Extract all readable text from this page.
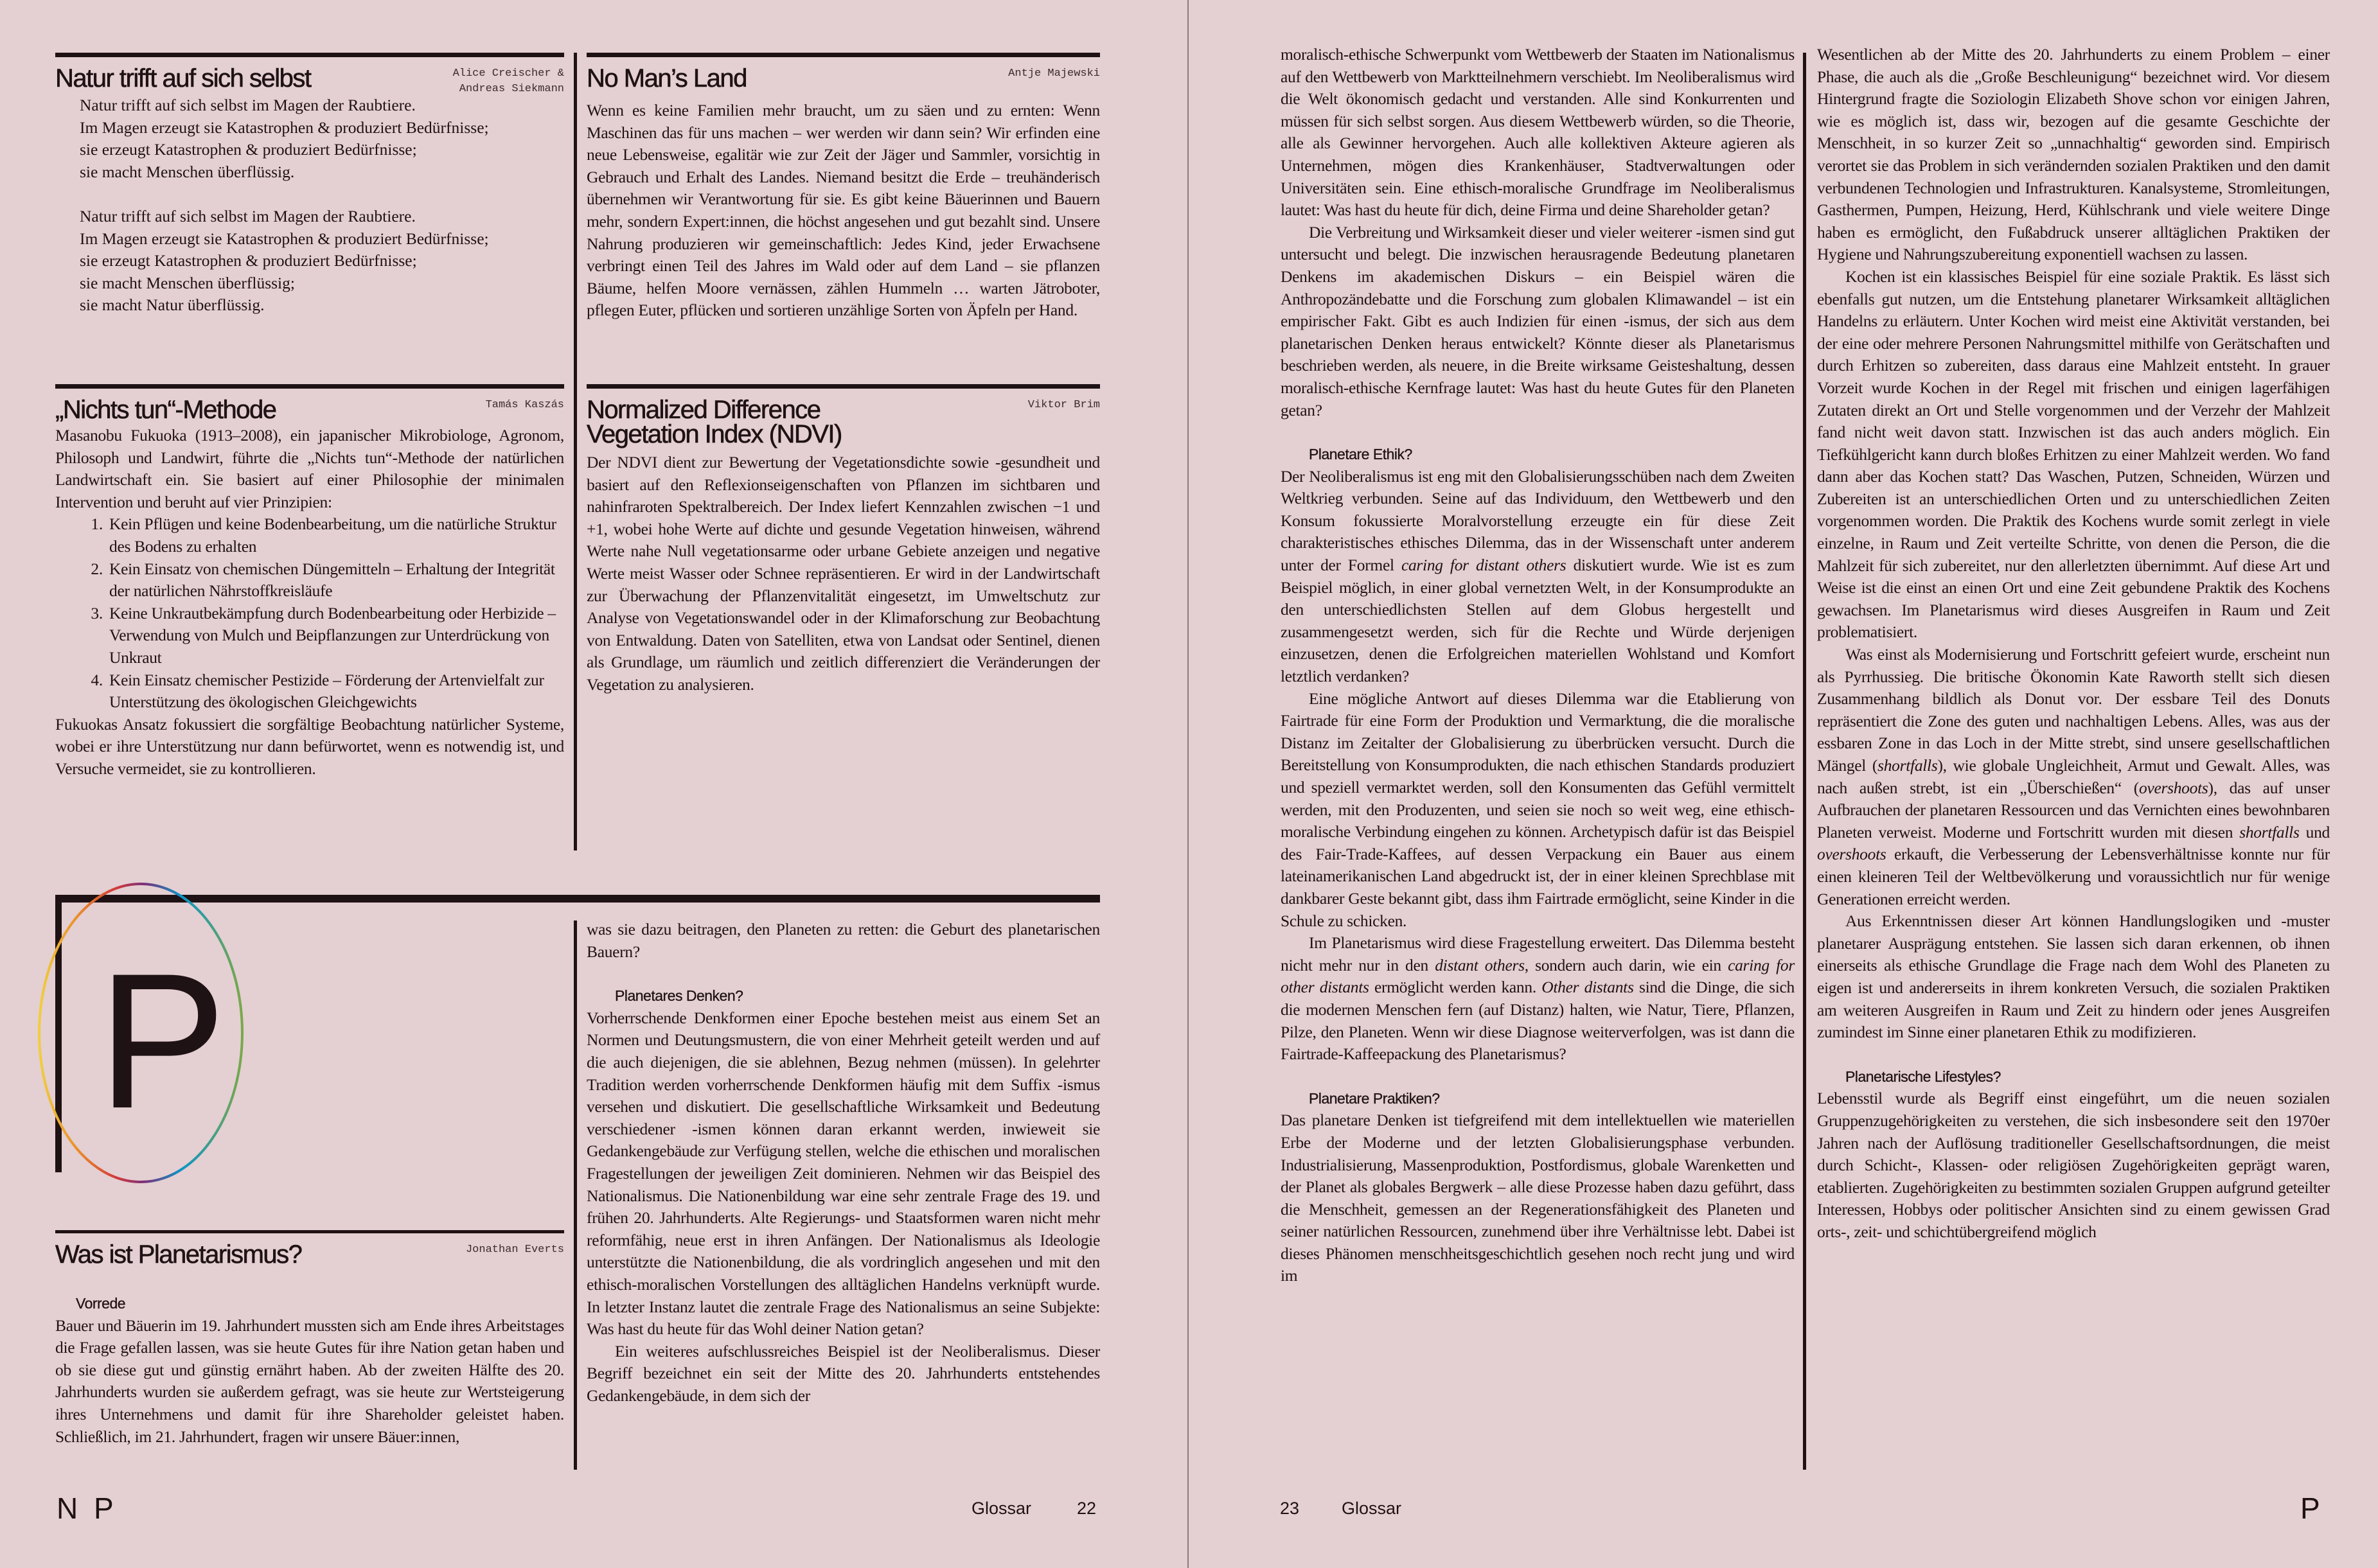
Natur trifft auf sich selbst	Alice Creischer &
Andreas Siekmann
Natur trifft auf sich selbst im Magen der Raubtiere.
Im Magen erzeugt sie Katastrophen & produziert Bedürfnisse;
sie erzeugt Katastrophen & produziert Bedürfnisse;
sie macht Menschen überflüssig.
Natur trifft auf sich selbst im Magen der Raubtiere.
Im Magen erzeugt sie Katastrophen & produziert Bedürfnisse;
sie erzeugt Katastrophen & produziert Bedürfnisse;
sie macht Menschen überflüssig;
sie macht Natur überflüssig.
No Man’s Land	Antje Majewski

Wenn es keine Familien mehr braucht, um zu säen und zu ernten: Wenn Maschinen das für uns machen – wer werden wir dann sein? Wir erfinden eine neue Lebensweise, egalitär wie zur Zeit der Jäger und Sammler, vorsichtig in Gebrauch und Erhalt des Landes. Niemand besitzt die Erde – treuhänderisch übernehmen wir Verantwortung für sie. Es gibt keine Bäuerinnen und Bauern mehr, sondern Expert:innen, die höchst angesehen und gut bezahlt sind. Unsere Nahrung produzieren wir gemeinschaftlich: Jedes Kind, jeder Erwachsene verbringt einen Teil des Jahres im Wald oder auf dem Land – sie pflanzen Bäume, helfen Moore vernässen, zählen Hummeln … warten Jätroboter, pflegen Euter, pflücken und sortieren unzählige Sorten von Äpfeln per Hand.

„Nichts tun“-Methode	Tamás Kaszás

Masanobu Fukuoka (1913–2008), ein japanischer Mikrobiologe, Agronom, Philosoph und Landwirt, führte die „Nichts tun“-Methode der natürlichen Landwirtschaft ein. Sie basiert auf einer Philosophie der minimalen Intervention und beruht auf vier Prinzipien:

1. Kein Pflügen und keine Bodenbearbeitung, um die natürliche Struktur des Bodens zu erhalten
2. Kein Einsatz von chemischen Düngemitteln – Erhaltung der Integrität der natürlichen Nährstoffkreisläufe
3. Keine Unkrautbekämpfung durch Bodenbearbeitung oder Herbizide – Verwendung von Mulch und Beipflanzungen zur Unterdrückung von Unkraut
4. Kein Einsatz chemischer Pestizide – Förderung der Artenvielfalt zur Unterstützung des ökologischen Gleichgewichts

Fukuokas Ansatz fokussiert die sorgfältige Beobachtung natürlicher Systeme, wobei er ihre Unterstützung nur dann befürwortet, wenn es notwendig ist, und Versuche vermeidet, sie zu kontrollieren.

Normalized Difference Vegetation Index (NDVI)
Viktor Brim

Der NDVI dient zur Bewertung der Vegetationsdichte sowie -gesundheit und basiert auf den Reflexionseigenschaften von Pflanzen im sichtbaren und nahinfraroten Spektralbereich. Der Index liefert Kennzahlen zwischen −1 und +1, wobei hohe Werte auf dichte und gesunde Vegetation hinweisen, während Werte nahe Null vegetationsarme oder urbane Gebiete anzeigen und negative Werte meist Wasser oder Schnee repräsentieren. Er wird in der Landwirtschaft zur Überwachung der Pflanzenvitalität eingesetzt, im Umweltschutz zur Analyse von Vegetationswandel oder in der Klimaforschung zur Beobachtung von Entwaldung. Daten von Satelliten, etwa von Landsat oder Sentinel, dienen als Grundlage, um räumlich und zeitlich differenziert die Veränderungen der Vegetation zu analysieren.

P
Was ist Planetarismus?	Jonathan Everts
Vorrede

Bauer und Bäuerin im 19. Jahrhundert mussten sich am Ende ihres Arbeitstages die Frage gefallen lassen, was sie heute Gutes für ihre Nation getan haben und ob sie diese gut und günstig ernährt haben. Ab der zweiten Hälfte des 20. Jahrhunderts wurden sie außerdem gefragt, was sie heute zur Wertsteigerung ihres Unternehmens und damit für ihre Shareholder geleistet haben. Schließlich, im 21. Jahrhundert, fragen wir unsere Bäuer:innen,

was sie dazu beitragen, den Planeten zu retten: die Geburt des planetarischen Bauern?

Planetares Denken?

Vorherrschende Denkformen einer Epoche bestehen meist aus einem Set an Normen und Deutungsmustern, die von einer Mehrheit geteilt werden und auf die auch diejenigen, die sie ablehnen, Bezug nehmen (müssen). In gelehrter Tradition werden vorherrschende Denkformen häufig mit dem Suffix -ismus versehen und diskutiert. Die gesellschaftliche Wirksamkeit und Bedeutung verschiedener -ismen können daran erkannt werden, inwieweit sie Gedankengebäude zur Verfügung stellen, welche die ethischen und moralischen Fragestellungen der jeweiligen Zeit dominieren. Nehmen wir das Beispiel des Nationalismus. Die Nationenbildung war eine sehr zentrale Frage des 19. und frühen 20. Jahrhunderts. Alte Regierungs- und Staatsformen waren nicht mehr reformfähig, neue erst in ihren Anfängen. Der Nationalismus als Ideologie unterstützte die Nationenbildung, die als vordringlich angesehen und mit den ethisch-moralischen Vorstellungen des alltäglichen Handelns verknüpft wurde. In letzter Instanz lautet die zentrale Frage des Nationalismus an seine Subjekte: Was hast du heute für das Wohl deiner Nation getan?

Ein weiteres aufschlussreiches Beispiel ist der Neoliberalismus. Dieser Begriff bezeichnet ein seit der Mitte des 20. Jahrhunderts entstehendes Gedankengebäude, in dem sich der

N P	Glossar	22

moralisch-ethische Schwerpunkt vom Wettbewerb der Staaten im Nationalismus auf den Wettbewerb von Marktteilnehmern verschiebt. Im Neoliberalismus wird die Welt ökonomisch gedacht und verstanden. Alle sind Konkurrenten und müssen für sich selbst sorgen. Aus diesem Wettbewerb würden, so die Theorie, alle als Gewinner hervorgehen. Auch alle kollektiven Akteure agieren als Unternehmen, mögen dies Krankenhäuser, Stadtverwaltungen oder Universitäten sein. Eine ethisch-moralische Grundfrage im Neoliberalismus lautet: Was hast du heute für dich, deine Firma und deine Shareholder getan?

Die Verbreitung und Wirksamkeit dieser und vieler weiterer -ismen sind gut untersucht und belegt. Die inzwischen herausragende Bedeutung planetaren Denkens im akademischen Diskurs – ein Beispiel wären die Anthropozändebatte und die Forschung zum globalen Klimawandel – ist ein empirischer Fakt. Gibt es auch Indizien für einen -ismus, der sich aus dem planetarischen Denken heraus entwickelt? Könnte dieser als Planetarismus beschrieben werden, als neuere, in die Breite wirksame Geisteshaltung, dessen moralisch-ethische Kernfrage lautet: Was hast du heute Gutes für den Planeten getan?

Planetare Ethik?

Der Neoliberalismus ist eng mit den Globalisierungsschüben nach dem Zweiten Weltkrieg verbunden. Seine auf das Individuum, den Wettbewerb und den Konsum fokussierte Moralvorstellung erzeugte ein für diese Zeit charakteristisches ethisches Dilemma, das in der Wissenschaft unter anderem unter der Formel caring for distant others diskutiert wurde. Wie ist es zum Beispiel möglich, in einer global vernetzten Welt, in der Konsumprodukte an den unterschiedlichsten Stellen auf dem Globus hergestellt und zusammengesetzt werden, sich für die Rechte und Würde derjenigen einzusetzen, denen die Erfolgreichen materiellen Wohlstand und Komfort letztlich verdanken?

Eine mögliche Antwort auf dieses Dilemma war die Etablierung von Fairtrade für eine Form der Produktion und Vermarktung, die die moralische Distanz im Zeitalter der Globalisierung zu überbrücken versucht. Durch die Bereitstellung von Konsumprodukten, die nach ethischen Standards produziert und speziell vermarktet werden, soll den Konsumenten das Gefühl vermittelt werden, mit den Produzenten, und seien sie noch so weit weg, eine ethisch-moralische Verbindung eingehen zu können. Archetypisch dafür ist das Beispiel des Fair-Trade-Kaffees, auf dessen Verpackung ein Bauer aus einem lateinamerikanischen Land abgedruckt ist, der in einer kleinen Sprechblase mit dankbarer Geste bekannt gibt, dass ihm Fairtrade ermöglicht, seine Kinder in die Schule zu schicken.

Im Planetarismus wird diese Fragestellung erweitert. Das Dilemma besteht nicht mehr nur in den distant others, sondern auch darin, wie ein caring for other distants ermöglicht werden kann. Other distants sind die Dinge, die sich die modernen Menschen fern (auf Distanz) halten, wie Natur, Tiere, Pflanzen, Pilze, den Planeten. Wenn wir diese Diagnose weiterverfolgen, was ist dann die Fairtrade-Kaffeepackung des Planetarismus?

Planetare Praktiken?

Das planetare Denken ist tiefgreifend mit dem intellektuellen wie materiellen Erbe der Moderne und der letzten Globalisierungsphase verbunden. Industrialisierung, Massenproduktion, Postfordismus, globale Warenketten und der Planet als globales Bergwerk – alle diese Prozesse haben dazu geführt, dass die Menschheit, gemessen an der Regenerationsfähigkeit des Planeten und seiner natürlichen Ressourcen, zunehmend über ihre Verhältnisse lebt. Dabei ist dieses Phänomen menschheitsgeschichtlich gesehen noch recht jung und wird im

Wesentlichen ab der Mitte des 20. Jahrhunderts zu einem Problem – einer Phase, die auch als die „Große Beschleunigung“ bezeichnet wird. Vor diesem Hintergrund fragte die Soziologin Elizabeth Shove schon vor einigen Jahren, wie es möglich ist, dass wir, bezogen auf die gesamte Geschichte der Menschheit, in so kurzer Zeit so „unnachhaltig“ geworden sind. Empirisch verortet sie das Problem in sich verändernden sozialen Praktiken und den damit verbundenen Technologien und Infrastrukturen. Kanalsysteme, Stromleitungen, Gasthermen, Pumpen, Heizung, Herd, Kühlschrank und viele weitere Dinge haben es ermöglicht, den Fußabdruck unserer alltäglichen Praktiken der Hygiene und Nahrungszubereitung exponentiell wachsen zu lassen.

Kochen ist ein klassisches Beispiel für eine soziale Praktik. Es lässt sich ebenfalls gut nutzen, um die Entstehung planetarer Wirksamkeit alltäglichen Handelns zu erläutern. Unter Kochen wird meist eine Aktivität verstanden, bei der eine oder mehrere Personen Nahrungsmittel mithilfe von Gerätschaften und durch Erhitzen so zubereiten, dass daraus eine Mahlzeit entsteht. In grauer Vorzeit wurde Kochen in der Regel mit frischen und einigen lagerfähigen Zutaten direkt an Ort und Stelle vorgenommen und der Verzehr der Mahlzeit fand nicht weit davon statt. Inzwischen ist das auch anders möglich. Ein Tiefkühlgericht kann durch bloßes Erhitzen zu einer Mahlzeit werden. Wo fand dann aber das Kochen statt? Das Waschen, Putzen, Schneiden, Würzen und Zubereiten ist an unterschiedlichen Orten und zu unterschiedlichen Zeiten vorgenommen worden. Die Praktik des Kochens wurde somit zerlegt in viele einzelne, in Raum und Zeit verteilte Schritte, von denen die Person, die die Mahlzeit für sich zubereitet, nur den allerletzten übernimmt. Auf diese Art und Weise ist die einst an einen Ort und eine Zeit gebundene Praktik des Kochens gewachsen. Im Planetarismus wird dieses Ausgreifen in Raum und Zeit problematisiert.

Was einst als Modernisierung und Fortschritt gefeiert wurde, erscheint nun als Pyrrhussieg. Die britische Ökonomin Kate Raworth stellt sich diesen Zusammenhang bildlich als Donut vor. Der essbare Teil des Donuts repräsentiert die Zone des guten und nachhaltigen Lebens. Alles, was aus der essbaren Zone in das Loch in der Mitte strebt, sind unsere gesellschaftlichen Mängel (shortfalls), wie globale Ungleichheit, Armut und Gewalt. Alles, was nach außen strebt, ist ein „Überschießen“ (overshoots), das auf unser Aufbrauchen der planetaren Ressourcen und das Vernichten eines bewohnbaren Planeten verweist. Moderne und Fortschritt wurden mit diesen shortfalls und overshoots erkauft, die Verbesserung der Lebensverhältnisse konnte nur für einen kleineren Teil der Weltbevölkerung und voraussichtlich nur für wenige Generationen erreicht werden.

Aus Erkenntnissen dieser Art können Handlungslogiken und -muster planetarer Ausprägung entstehen. Sie lassen sich daran erkennen, ob ihnen einerseits als ethische Grundlage die Frage nach dem Wohl des Planeten zu eigen ist und andererseits in ihrem konkreten Versuch, die sozialen Praktiken am weiteren Ausgreifen in Raum und Zeit zu hindern oder jenes Ausgreifen zumindest im Sinne einer planetaren Ethik zu modifizieren.

Planetarische Lifestyles?

Lebensstil wurde als Begriff einst eingeführt, um die neuen sozialen Gruppenzugehörigkeiten zu verstehen, die sich insbesondere seit den 1970er Jahren nach der Auflösung traditioneller Gesellschaftsordnungen, die meist durch Schicht-, Klassen- oder religiösen Zugehörigkeiten geprägt waren, etablierten. Zugehörigkeiten zu bestimmten sozialen Gruppen aufgrund geteilter Interessen, Hobbys oder politischer Ansichten sind zu einem gewissen Grad orts-, zeit- und schichtübergreifend möglich

23 Glossar	P
